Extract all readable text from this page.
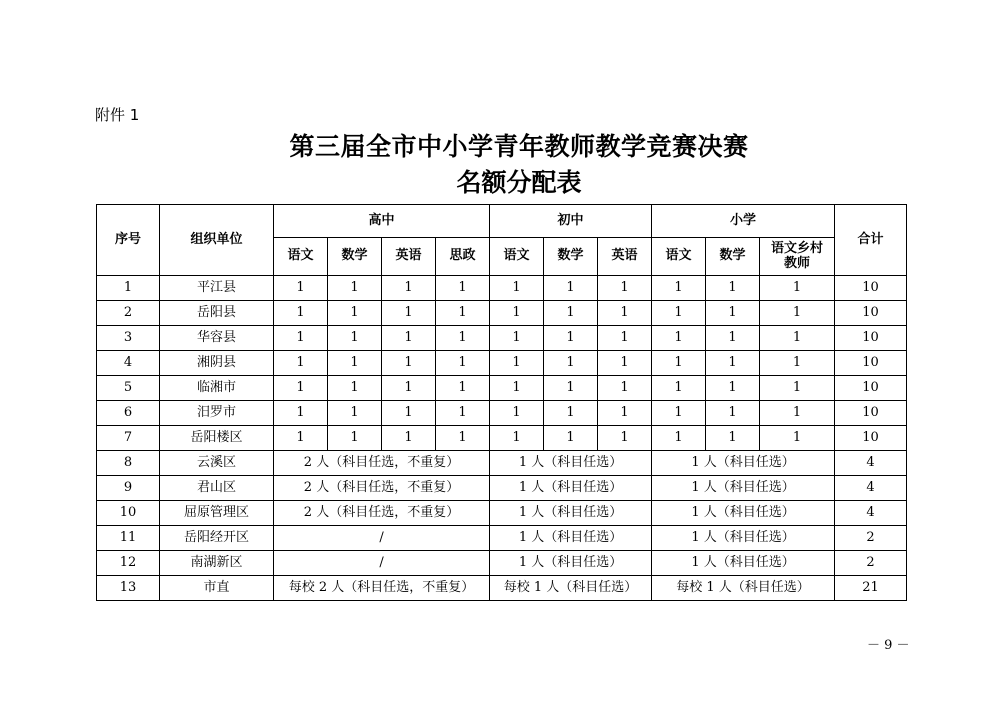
附件 1
第三届全市中小学青年教师教学竞赛决赛
名额分配表
序号	组织单位	高中				初中			小学			合计
		语文	数学	英语	思政	语文	数学	英语	语文	数学	语文乡村教师	
1	平江县	1	1	1	1	1	1	1	1	1	1	10
2	岳阳县	1	1	1	1	1	1	1	1	1	1	10
3	华容县	1	1	1	1	1	1	1	1	1	1	10
4	湘阴县	1	1	1	1	1	1	1	1	1	1	10
5	临湘市	1	1	1	1	1	1	1	1	1	1	10
6	汨罗市	1	1	1	1	1	1	1	1	1	1	10
7	岳阳楼区	1	1	1	1	1	1	1	1	1	1	10
8	云溪区	2 人（科目任选，不重复）				1 人（科目任选）			1 人（科目任选）			4
9	君山区	2 人（科目任选，不重复）				1 人（科目任选）			1 人（科目任选）			4
10	屈原管理区	2 人（科目任选，不重复）				1 人（科目任选）			1 人（科目任选）			4
11	岳阳经开区	/				1 人（科目任选）			1 人（科目任选）			2
12	南湖新区	/				1 人（科目任选）			1 人（科目任选）			2
13	市直	每校 2 人（科目任选，不重复）				每校 1 人（科目任选）			每校 1 人（科目任选）			21
－ 9 －
